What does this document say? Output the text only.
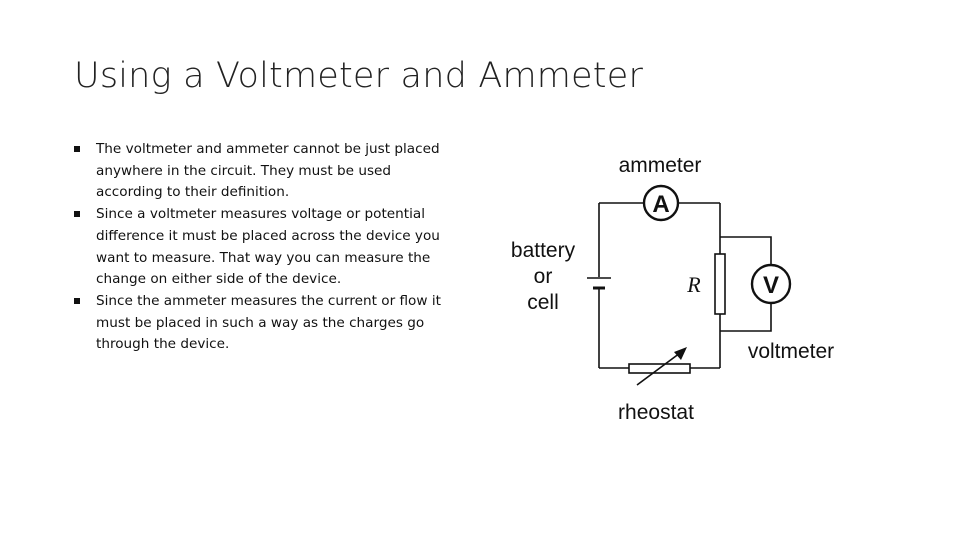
Using a Voltmeter and Ammeter
The voltmeter and ammeter cannot be just placed anywhere in the circuit. They must be used according to their definition.
Since a voltmeter measures voltage or potential difference it must be placed across the device you want to measure. That way you can measure the change on either side of the device.
Since the ammeter measures the current or flow it must be placed in such a way as the charges go through the device.
A
V
ammeter
battery
or
cell
R
voltmeter
rheostat
